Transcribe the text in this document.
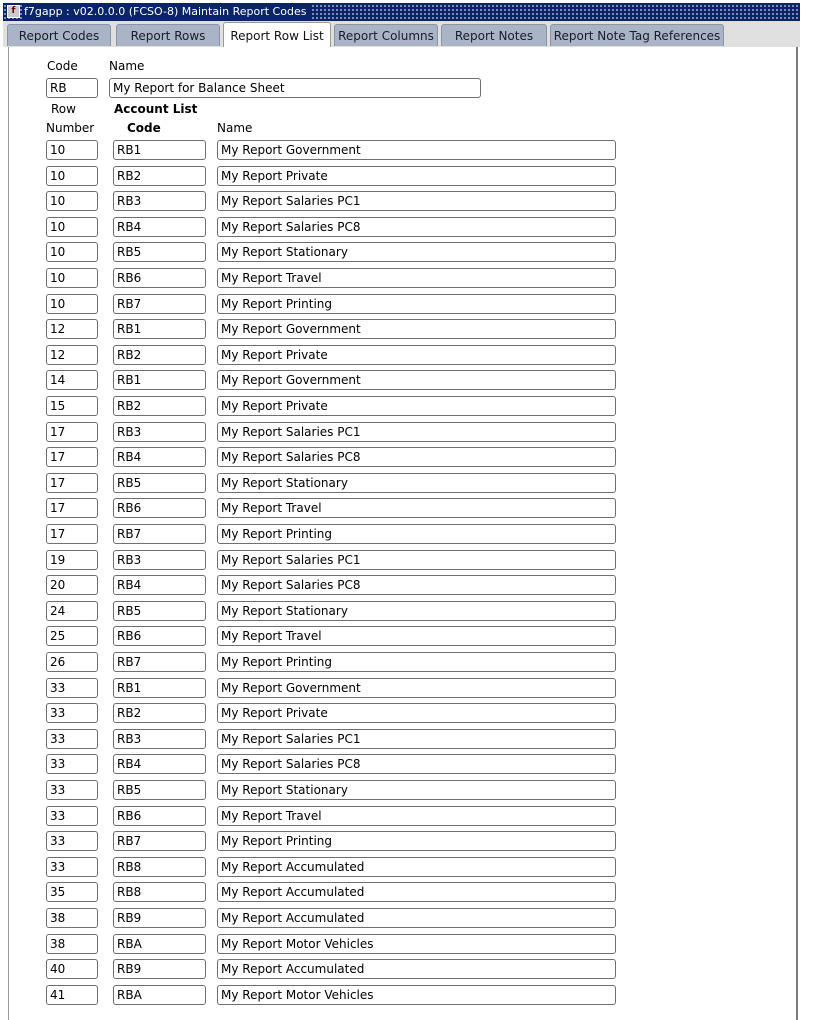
f f7gapp : v02.0.0.0 (FCSO-8) Maintain Report Codes
Report Codes	Report Rows	Report Row List	Report Columns	Report Notes	Report Note Tag References
Code	Name
RB	My Report for Balance Sheet
Row	Account List
Number	Code	Name
10	RB1	My Report Government
10	RB2	My Report Private
10	RB3	My Report Salaries PC1
10	RB4	My Report Salaries PC8
10	RB5	My Report Stationary
10	RB6	My Report Travel
10	RB7	My Report Printing
12	RB1	My Report Government
12	RB2	My Report Private
14	RB1	My Report Government
15	RB2	My Report Private
17	RB3	My Report Salaries PC1
17	RB4	My Report Salaries PC8
17	RB5	My Report Stationary
17	RB6	My Report Travel
17	RB7	My Report Printing
19	RB3	My Report Salaries PC1
20	RB4	My Report Salaries PC8
24	RB5	My Report Stationary
25	RB6	My Report Travel
26	RB7	My Report Printing
33	RB1	My Report Government
33	RB2	My Report Private
33	RB3	My Report Salaries PC1
33	RB4	My Report Salaries PC8
33	RB5	My Report Stationary
33	RB6	My Report Travel
33	RB7	My Report Printing
33	RB8	My Report Accumulated
35	RB8	My Report Accumulated
38	RB9	My Report Accumulated
38	RBA	My Report Motor Vehicles
40	RB9	My Report Accumulated
41	RBA	My Report Motor Vehicles
